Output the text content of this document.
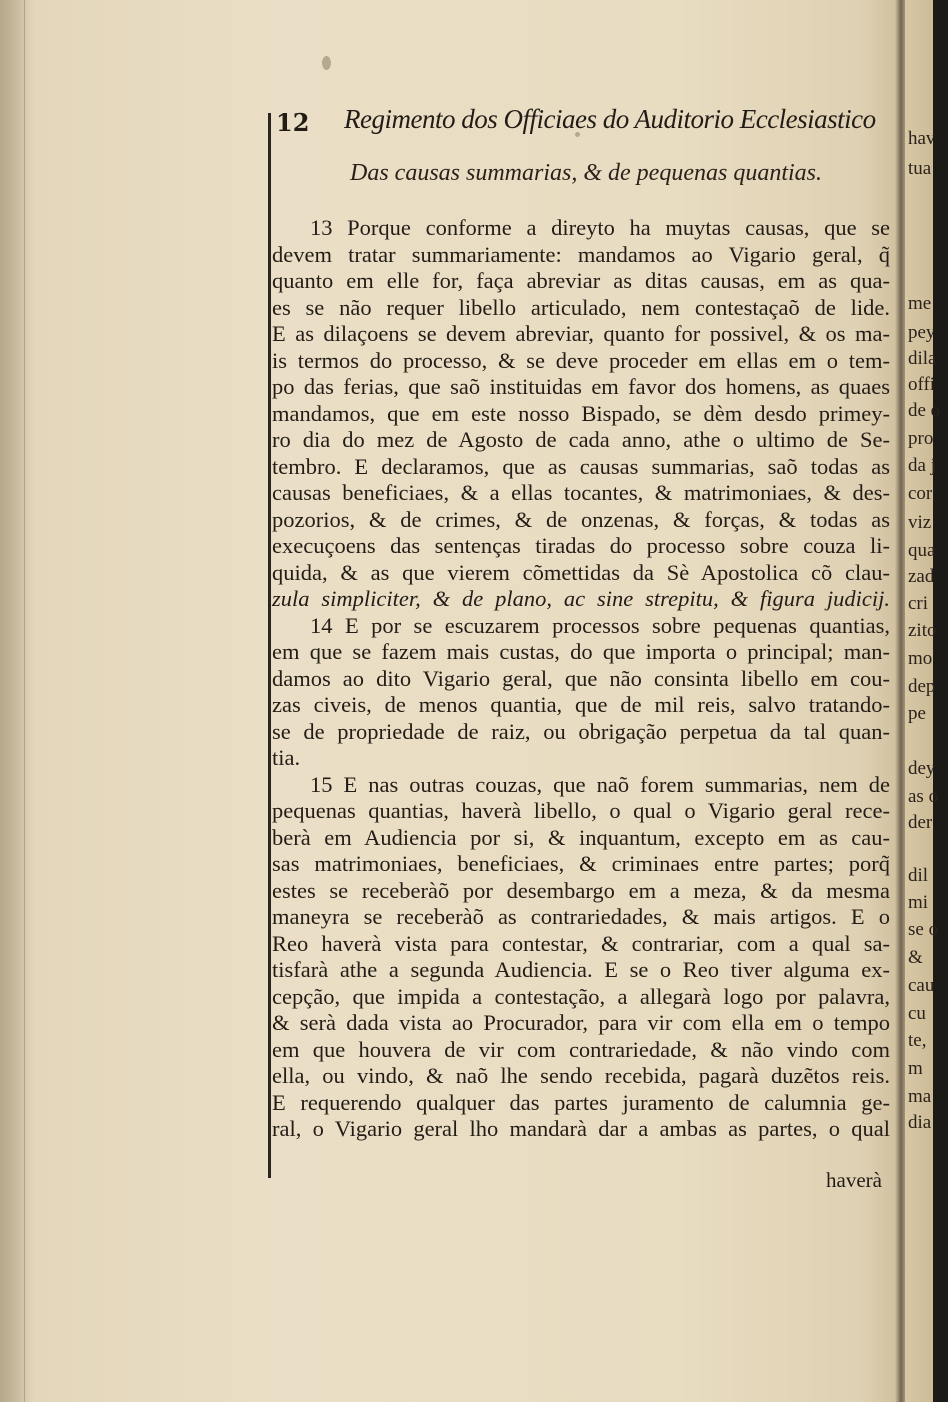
12 Regimento dos Officiaes do Auditorio Ecclesiastico
Das causas summarias, & de pequenas quantias.
13 Porque conforme a direyto ha muytas causas, que se
devem tratar summariamente: mandamos ao Vigario geral, q̃
quanto em elle for, faça abreviar as ditas causas, em as qua-
es se não requer libello articulado, nem contestaçaõ de lide.
E as dilaçoens se devem abreviar, quanto for possivel, & os ma-
is termos do processo, & se deve proceder em ellas em o tem-
po das ferias, que saõ instituidas em favor dos homens, as quaes
mandamos, que em este nosso Bispado, se dèm desdo primey-
ro dia do mez de Agosto de cada anno, athe o ultimo de Se-
tembro. E declaramos, que as causas summarias, saõ todas as
causas beneficiaes, & a ellas tocantes, & matrimoniaes, & des-
pozorios, & de crimes, & de onzenas, & forças, & todas as
execuçoens das sentenças tiradas do processo sobre couza li-
quida, & as que vierem cõmettidas da Sè Apostolica cõ clau-
zula simpliciter, & de plano, ac sine strepitu, & figura judicij.
14 E por se escuzarem processos sobre pequenas quantias,
em que se fazem mais custas, do que importa o principal; man-
damos ao dito Vigario geral, que não consinta libello em cou-
zas civeis, de menos quantia, que de mil reis, salvo tratando-
se de propriedade de raiz, ou obrigação perpetua da tal quan-
tia.
15 E nas outras couzas, que naõ forem summarias, nem de
pequenas quantias, haverà libello, o qual o Vigario geral rece-
berà em Audiencia por si, & inquantum, excepto em as cau-
sas matrimoniaes, beneficiaes, & criminaes entre partes; porq̃
estes se receberàõ por desembargo em a meza, & da mesma
maneyra se receberàõ as contrariedades, & mais artigos. E o
Reo haverà vista para contestar, & contrariar, com a qual sa-
tisfarà athe a segunda Audiencia. E se o Reo tiver alguma ex-
cepção, que impida a contestação, a allegarà logo por palavra,
& serà dada vista ao Procurador, para vir com ella em o tempo
em que houvera de vir com contrariedade, & não vindo com
ella, ou vindo, & naõ lhe sendo recebida, pagarà duzẽtos reis.
E requerendo qualquer das partes juramento de calumnia ge-
ral, o Vigario geral lho mandarà dar a ambas as partes, o qual
haverà
hav
tua
me
pey
dila
offi
de o
pro
da j
cor
viz
qua
zad
cri
zito
mo
dep
pe
dey
as o
der
dil
mi
se o
&
cau
cu
te,
m
ma
dia
